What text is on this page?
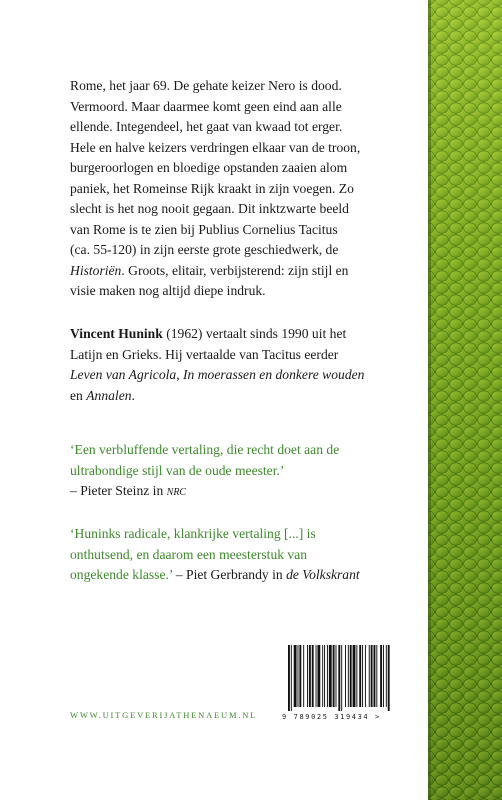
Rome, het jaar 69. De gehate keizer Nero is dood.
Vermoord. Maar daarmee komt geen eind aan alle
ellende. Integendeel, het gaat van kwaad tot erger.
Hele en halve keizers verdringen elkaar van de troon,
burgeroorlogen en bloedige opstanden zaaien alom
paniek, het Romeinse Rijk kraakt in zijn voegen. Zo
slecht is het nog nooit gegaan. Dit inktzwarte beeld
van Rome is te zien bij Publius Cornelius Tacitus
(ca. 55-120) in zijn eerste grote geschiedwerk, de
Historiën. Groots, elitair, verbijsterend: zijn stijl en
visie maken nog altijd diepe indruk.

Vincent Hunink (1962) vertaalt sinds 1990 uit het
Latijn en Grieks. Hij vertaalde van Tacitus eerder
Leven van Agricola, In moerassen en donkere wouden
en Annalen.

‘Een verbluffende vertaling, die recht doet aan de
ultrabondige stijl van de oude meester.’
– Pieter Steinz in nrc

‘Huninks radicale, klankrijke vertaling [...] is
onthutsend, en daarom een meesterstuk van
ongekende klasse.’ – Piet Gerbrandy in de Volkskrant

9 789025 319434 >
WWW.UITGEVERIJATHENAEUM.NL
